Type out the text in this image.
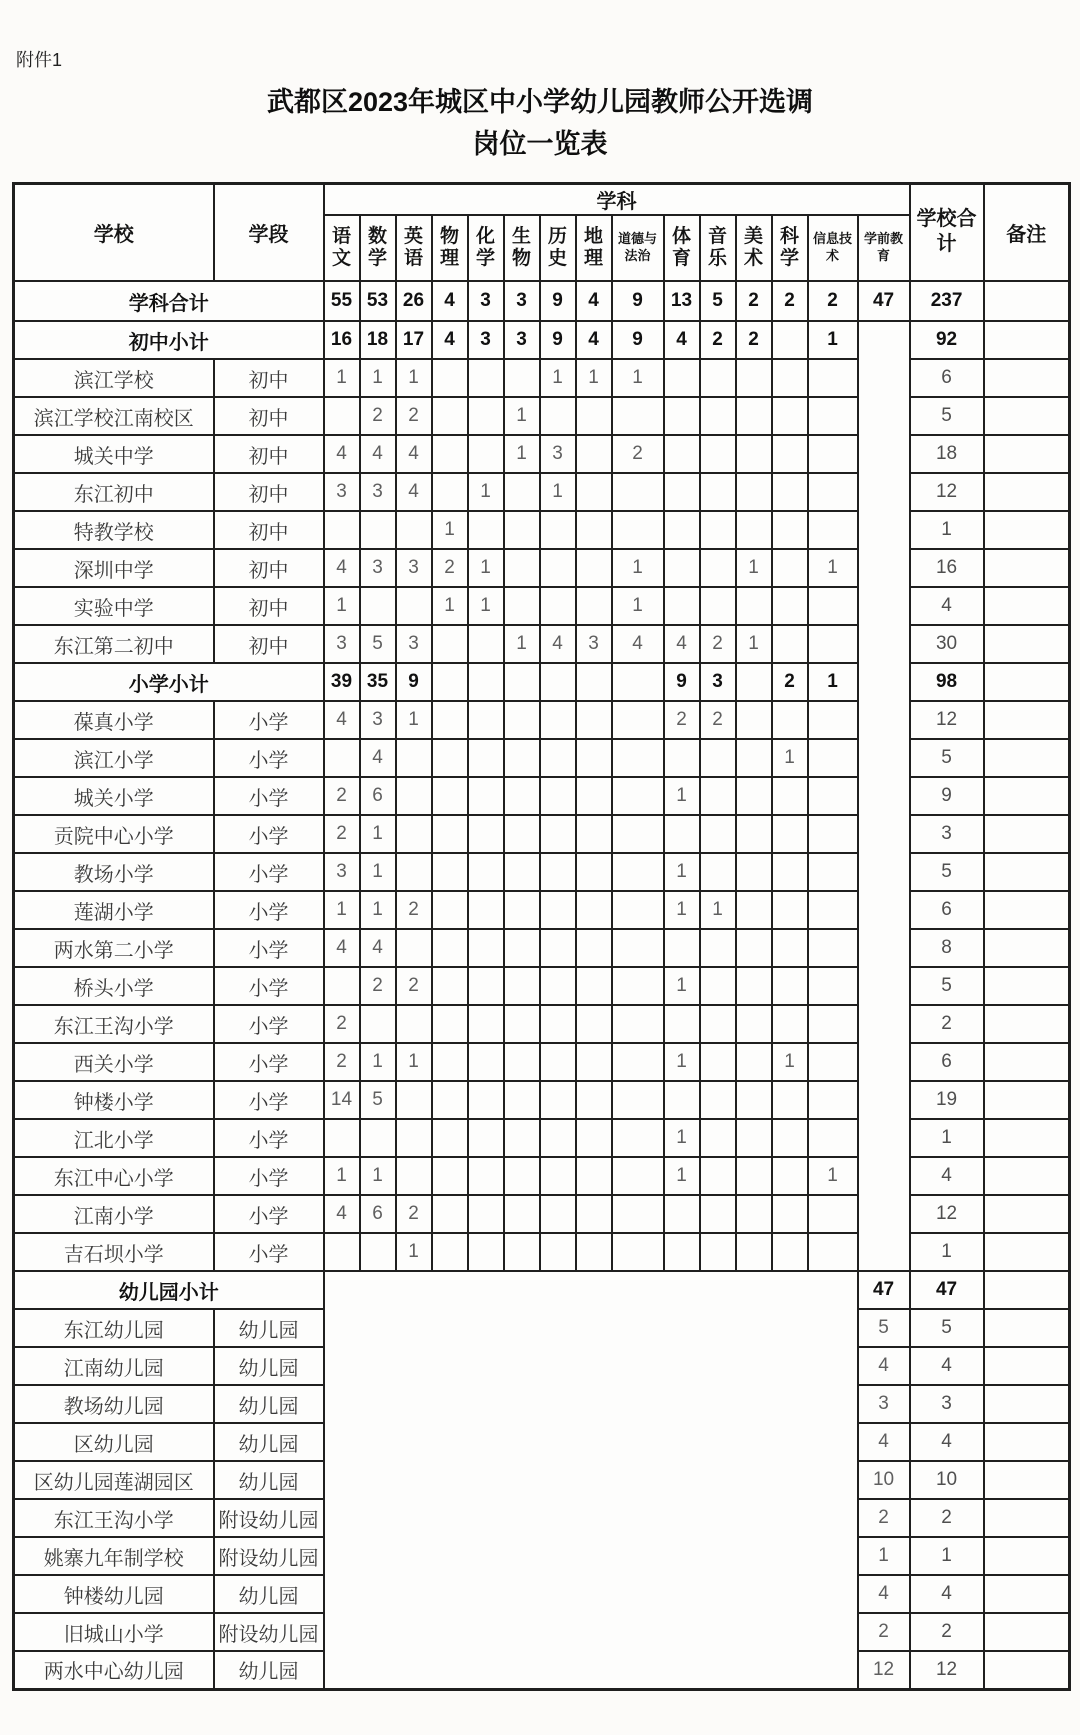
附件1
武都区2023年城区中小学幼儿园教师公开选调
岗位一览表
学校	学段	学科															学校合计	备注
		语文	数学	英语	物理	化学	生物	历史	地理	道德与法治	体育	音乐	美术	科学	信息技术	学前教育		
学科合计		55	53	26	4	3	3	9	4	9	13	5	2	2	2	47	237	
初中小计		16	18	17	4	3	3	9	4	9	4	2	2		1		92	
滨江学校	初中	1	1	1				1	1	1							6	
滨江学校江南校区	初中		2	2			1										5	
城关中学	初中	4	4	4			1	3		2							18	
东江初中	初中	3	3	4		1		1									12	
特教学校	初中				1												1	
深圳中学	初中	4	3	3	2	1				1			1		1		16	
实验中学	初中	1			1	1				1							4	
东江第二初中	初中	3	5	3			1	4	3	4	4	2	1				30	
小学小计		39	35	9							9	3		2	1		98	
葆真小学	小学	4	3	1							2	2					12	
滨江小学	小学		4											1			5	
城关小学	小学	2	6								1						9	
贡院中心小学	小学	2	1														3	
教场小学	小学	3	1								1						5	
莲湖小学	小学	1	1	2							1	1					6	
两水第二小学	小学	4	4														8	
桥头小学	小学		2	2							1						5	
东江王沟小学	小学	2															2	
西关小学	小学	2	1	1							1			1			6	
钟楼小学	小学	14	5														19	
江北小学	小学										1						1	
东江中心小学	小学	1	1								1				1		4	
江南小学	小学	4	6	2													12	
吉石坝小学	小学			1													1	
幼儿园小计																47	47	
东江幼儿园	幼儿园															5	5	
江南幼儿园	幼儿园															4	4	
教场幼儿园	幼儿园															3	3	
区幼儿园	幼儿园															4	4	
区幼儿园莲湖园区	幼儿园															10	10	
东江王沟小学	附设幼儿园															2	2	
姚寨九年制学校	附设幼儿园															1	1	
钟楼幼儿园	幼儿园															4	4	
旧城山小学	附设幼儿园															2	2	
两水中心幼儿园	幼儿园															12	12	
